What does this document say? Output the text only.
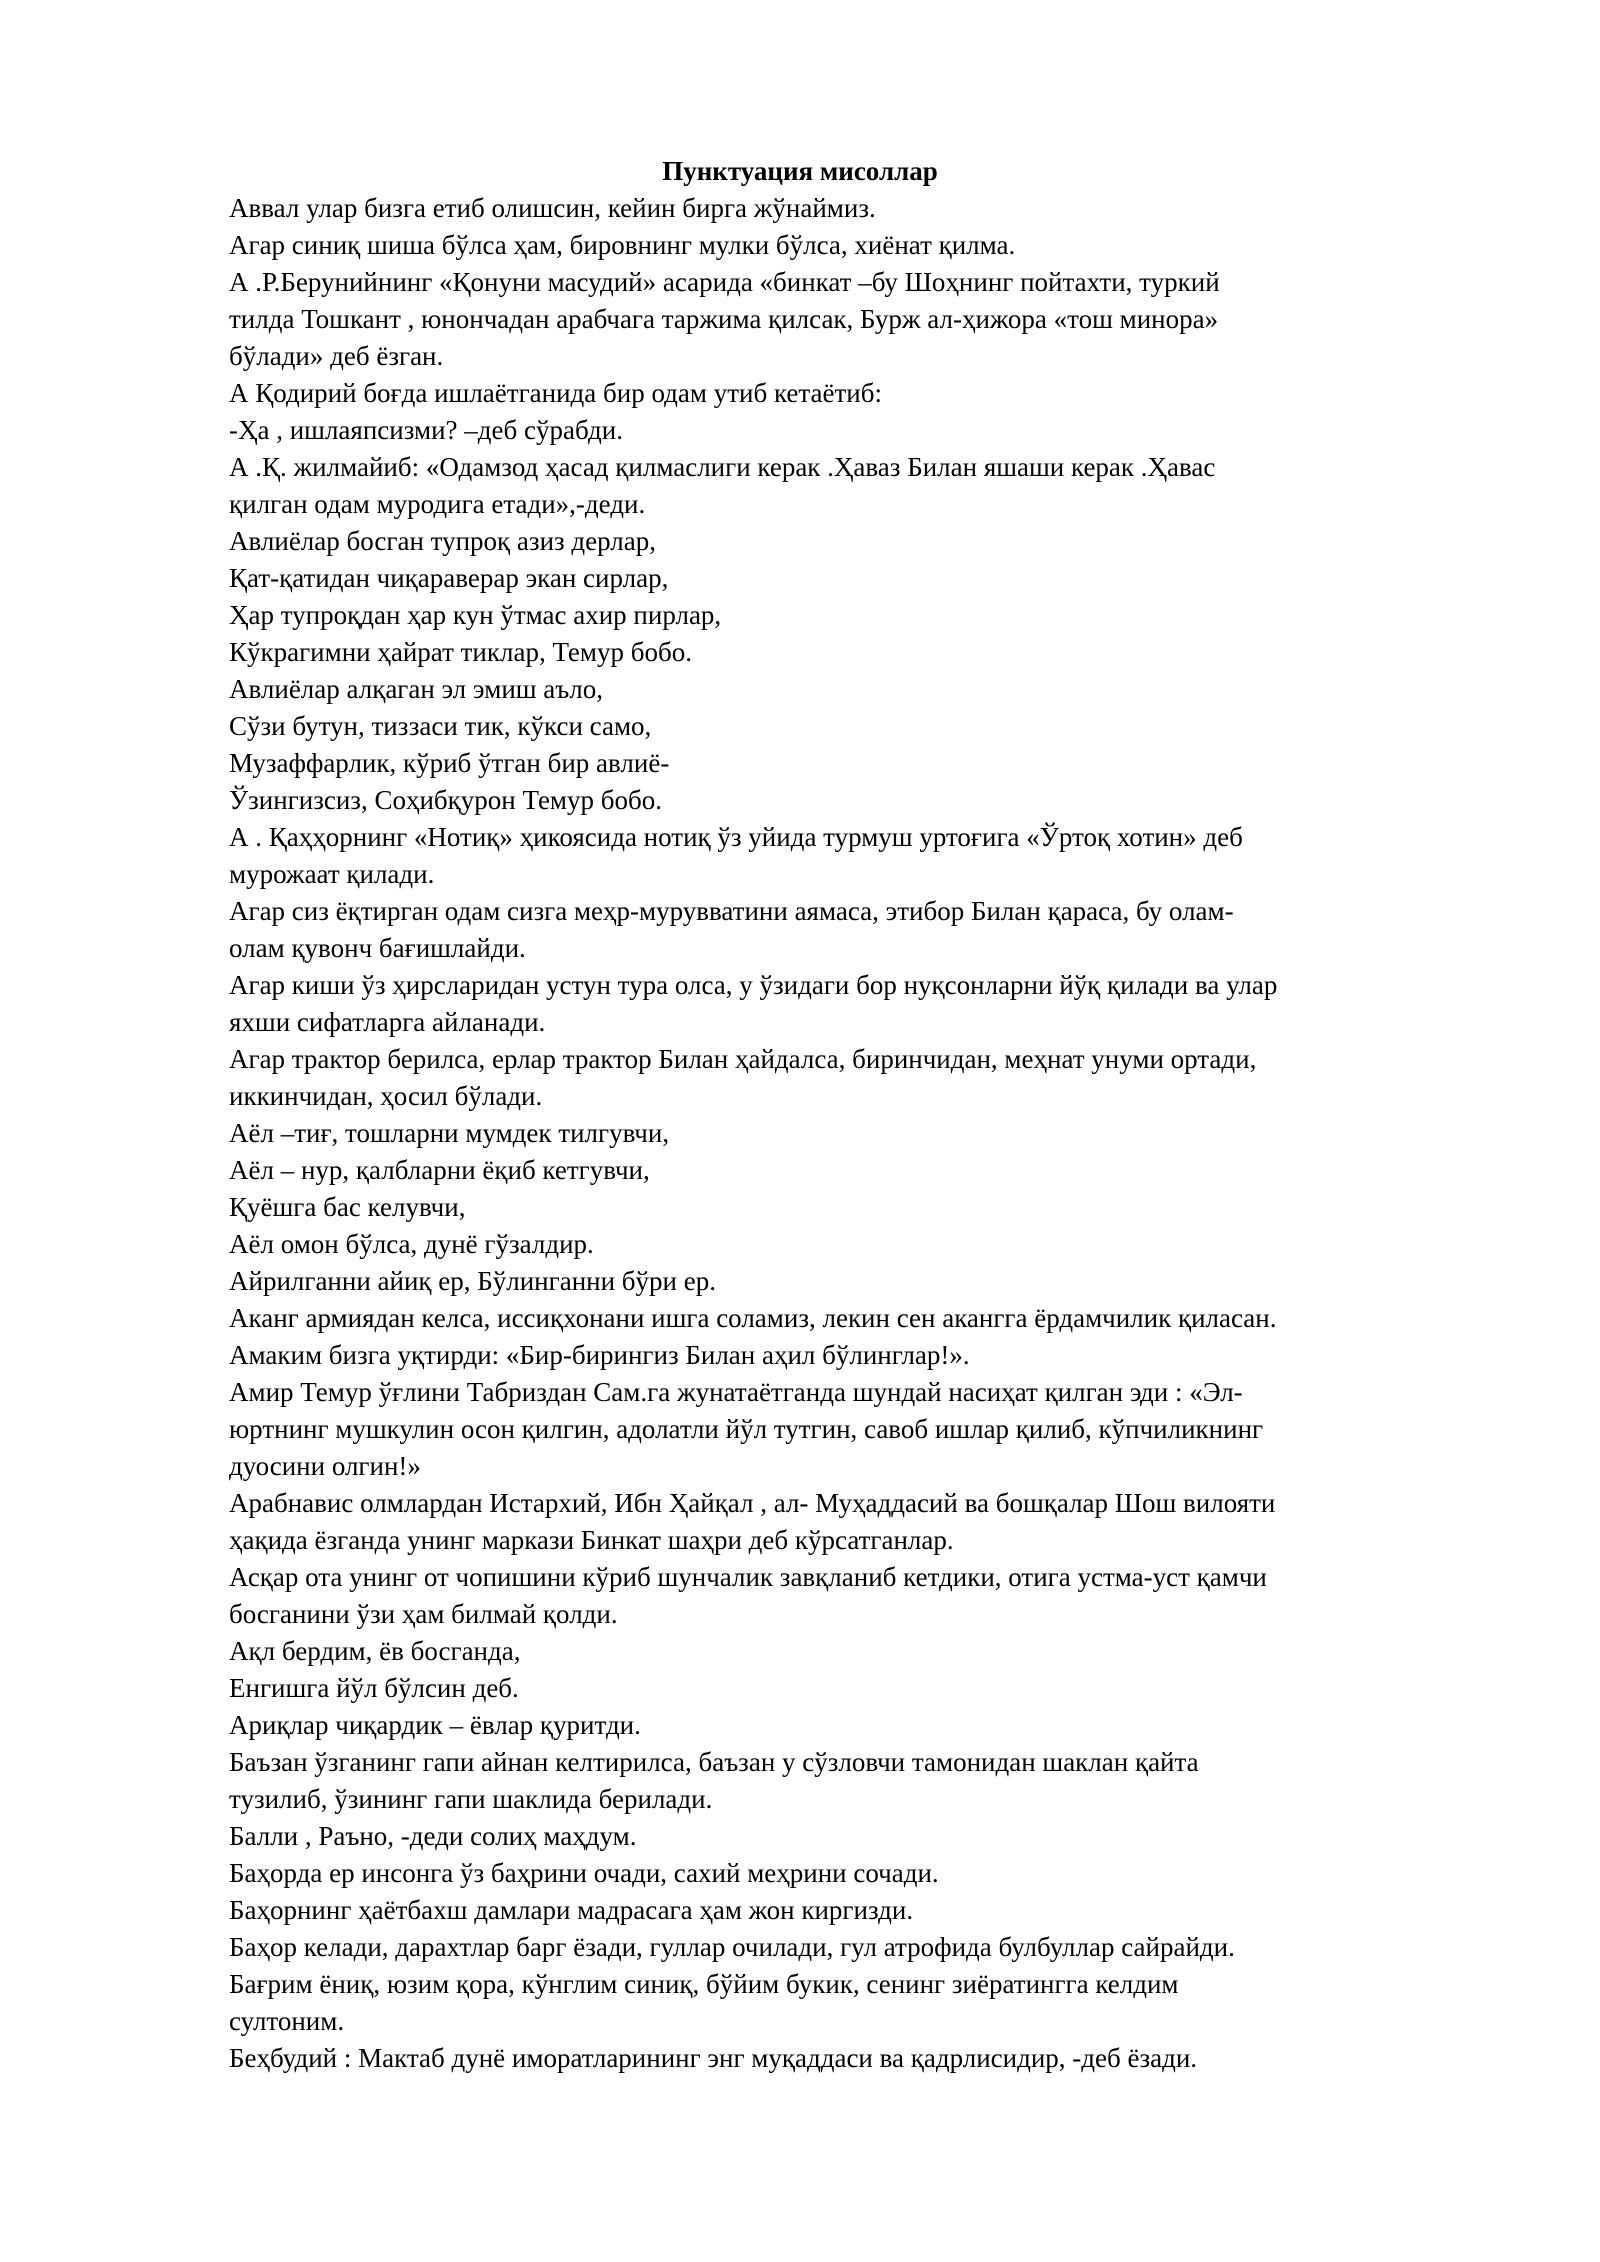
Пунктуация мисоллар
Аввал улар бизга етиб олишсин, кейин бирга жўнаймиз.
Агар синиқ шиша бўлса ҳам, бировнинг мулки бўлса, хиёнат қилма.
А .Р.Берунийнинг «Қонуни масудий» асарида «бинкат –бу Шоҳнинг пойтахти, туркий
тилда Тошкант , юнончадан арабчага таржима қилсак, Бурж ал-ҳижора «тош минора»
бўлади» деб ёзган.
А Қодирий боғда ишлаётганида бир одам утиб кетаётиб:
-Ҳа , ишлаяпсизми? –деб сўрабди.
А .Қ. жилмайиб: «Одамзод ҳасад қилмаслиги керак .Ҳаваз Билан яшаши керак .Ҳавас
қилган одам муродига етади»,-деди.
Авлиёлар босган тупроқ азиз дерлар,
Қат-қатидан чиқараверар экан сирлар,
Ҳар тупроқдан ҳар кун ўтмас ахир пирлар,
Кўкрагимни ҳайрат тиклар, Темур бобо.
Авлиёлар алқаган эл эмиш аъло,
Сўзи бутун, тиззаси тик, кўкси само,
Музаффарлик, кўриб ўтган бир авлиё-
Ўзингизсиз, Соҳибқурон Темур бобо.
А . Қаҳҳорнинг «Нотиқ» ҳикоясида нотиқ ўз уйида турмуш уртоғига «Ўртоқ хотин» деб
мурожаат қилади.
Агар сиз ёқтирган одам сизга меҳр-мурувватини аямаса, этибор Билан қараса, бу олам-
олам қувонч бағишлайди.
Агар киши ўз ҳирсларидан устун тура олса, у ўзидаги бор нуқсонларни йўқ қилади ва улар
яхши сифатларга айланади.
Агар трактор берилса, ерлар трактор Билан ҳайдалса, биринчидан, меҳнат унуми ортади,
иккинчидан, ҳосил бўлади.
Аёл –тиғ, тошларни мумдек тилгувчи,
Аёл – нур, қалбларни ёқиб кетгувчи,
Қуёшга бас келувчи,
Аёл омон бўлса, дунё гўзалдир.
Айрилганни айиқ ер, Бўлинганни бўри ер.
Аканг армиядан келса, иссиқхонани ишга соламиз, лекин сен акангга ёрдамчилик қиласан.
Амаким бизга уқтирди: «Бир-бирингиз Билан аҳил бўлинглар!».
Амир Темур ўғлини Табриздан Сам.га жунатаётганда шундай насиҳат қилган эди : «Эл-
юртнинг мушкулин осон қилгин, адолатли йўл тутгин, савоб ишлар қилиб, кўпчиликнинг
дуосини олгин!»
Арабнавис олмлардан Истархий, Ибн Ҳайқал , ал- Муҳаддасий ва бошқалар Шош вилояти
ҳақида ёзганда унинг маркази Бинкат шаҳри деб кўрсатганлар.
Асқар ота унинг от чопишини кўриб шунчалик завқланиб кетдики, отига устма-уст қамчи
босганини ўзи ҳам билмай қолди.
Ақл бердим, ёв босганда,
Енгишга йўл бўлсин деб.
Ариқлар чиқардик – ёвлар қуритди.
Баъзан ўзганинг гапи айнан келтирилса, баъзан у сўзловчи тамонидан шаклан қайта
тузилиб, ўзининг гапи шаклида берилади.
Балли , Раъно, -деди солиҳ маҳдум.
Баҳорда ер инсонга ўз баҳрини очади, сахий меҳрини сочади.
Баҳорнинг ҳаётбахш дамлари мадрасага ҳам жон киргизди.
Баҳор келади, дарахтлар барг ёзади, гуллар очилади, гул атрофида булбуллар сайрайди.
Бағрим ёниқ, юзим қора, кўнглим синиқ, бўйим букик, сенинг зиёратингга келдим
султоним.
Беҳбудий : Мактаб дунё иморатларининг энг муқаддаси ва қадрлисидир, -деб ёзади.
